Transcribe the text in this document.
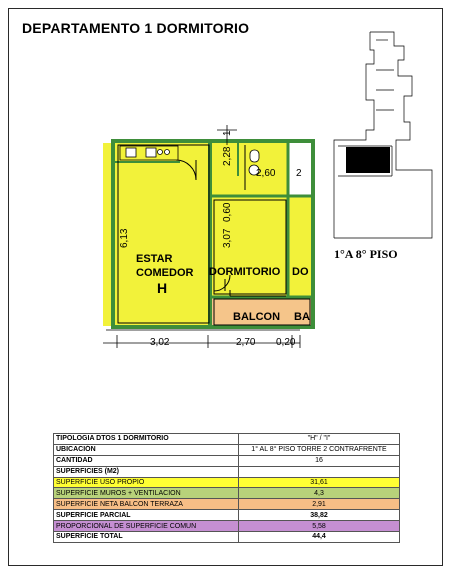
DEPARTAMENTO 1 DORMITORIO
ESTAR
COMEDOR
H
DORMITORIO DO
BALCON BA
6,13	3,07
0,60
2,28
1
2,60 2
3,02	2,70 0,20
1°A 8° PISO
TIPOLOGIA DTOS 1 DORMITORIO	"H" / "I"
UBICACIÓN	1° AL 8° PISO TORRE 2 CONTRAFRENTE
CANTIDAD	16
SUPERFICIES (M2)	
SUPERFICIE USO PROPIO	31,61
SUPERFICIE MUROS + VENTILACION	4,3
SUPERFICIE NETA BALCON TERRAZA	2,91
SUPERFICIE PARCIAL	38,82
PROPORCIONAL DE SUPERFICIE COMUN	5,58
SUPERFICIE TOTAL	44,4
